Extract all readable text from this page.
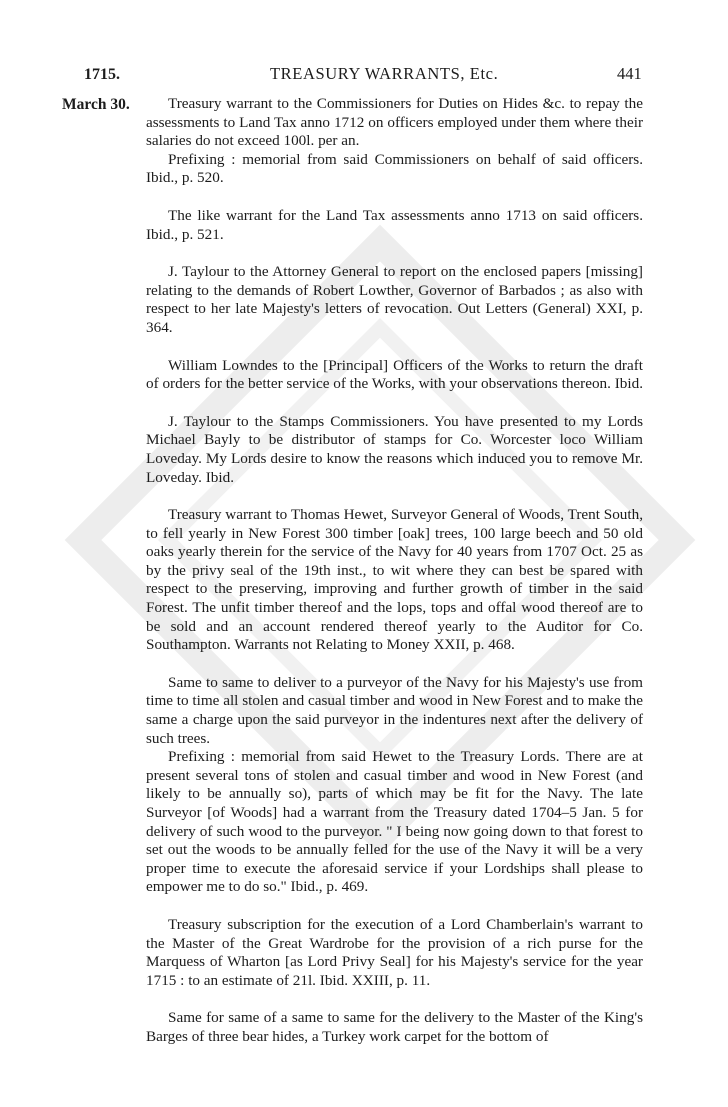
1715.	TREASURY WARRANTS, Etc.	441
March 30.	Treasury warrant to the Commissioners for Duties on Hides &c. to repay the assessments to Land Tax anno 1712 on officers employed under them where their salaries do not exceed 100l. per an.

Prefixing : memorial from said Commissioners on behalf of said officers. Ibid., p. 520.

The like warrant for the Land Tax assessments anno 1713 on said officers. Ibid., p. 521.

J. Taylour to the Attorney General to report on the enclosed papers [missing] relating to the demands of Robert Lowther, Governor of Barbados ; as also with respect to her late Majesty's letters of revocation. Out Letters (General) XXI, p. 364.

William Lowndes to the [Principal] Officers of the Works to return the draft of orders for the better service of the Works, with your observations thereon. Ibid.

J. Taylour to the Stamps Commissioners. You have presented to my Lords Michael Bayly to be distributor of stamps for Co. Worcester loco William Loveday. My Lords desire to know the reasons which induced you to remove Mr. Loveday. Ibid.

Treasury warrant to Thomas Hewet, Surveyor General of Woods, Trent South, to fell yearly in New Forest 300 timber [oak] trees, 100 large beech and 50 old oaks yearly therein for the service of the Navy for 40 years from 1707 Oct. 25 as by the privy seal of the 19th inst., to wit where they can best be spared with respect to the preserving, improving and further growth of timber in the said Forest. The unfit timber thereof and the lops, tops and offal wood thereof are to be sold and an account rendered thereof yearly to the Auditor for Co. Southampton. Warrants not Relating to Money XXII, p. 468.

Same to same to deliver to a purveyor of the Navy for his Majesty's use from time to time all stolen and casual timber and wood in New Forest and to make the same a charge upon the said purveyor in the indentures next after the delivery of such trees.

Prefixing : memorial from said Hewet to the Treasury Lords. There are at present several tons of stolen and casual timber and wood in New Forest (and likely to be annually so), parts of which may be fit for the Navy. The late Surveyor [of Woods] had a warrant from the Treasury dated 1704–5 Jan. 5 for delivery of such wood to the purveyor. " I being now going down to that forest to set out the woods to be annually felled for the use of the Navy it will be a very proper time to execute the aforesaid service if your Lordships shall please to empower me to do so." Ibid., p. 469.

Treasury subscription for the execution of a Lord Chamberlain's warrant to the Master of the Great Wardrobe for the provision of a rich purse for the Marquess of Wharton [as Lord Privy Seal] for his Majesty's service for the year 1715 : to an estimate of 21l. Ibid. XXIII, p. 11.

Same for same of a same to same for the delivery to the Master of the King's Barges of three bear hides, a Turkey work carpet for the bottom of
